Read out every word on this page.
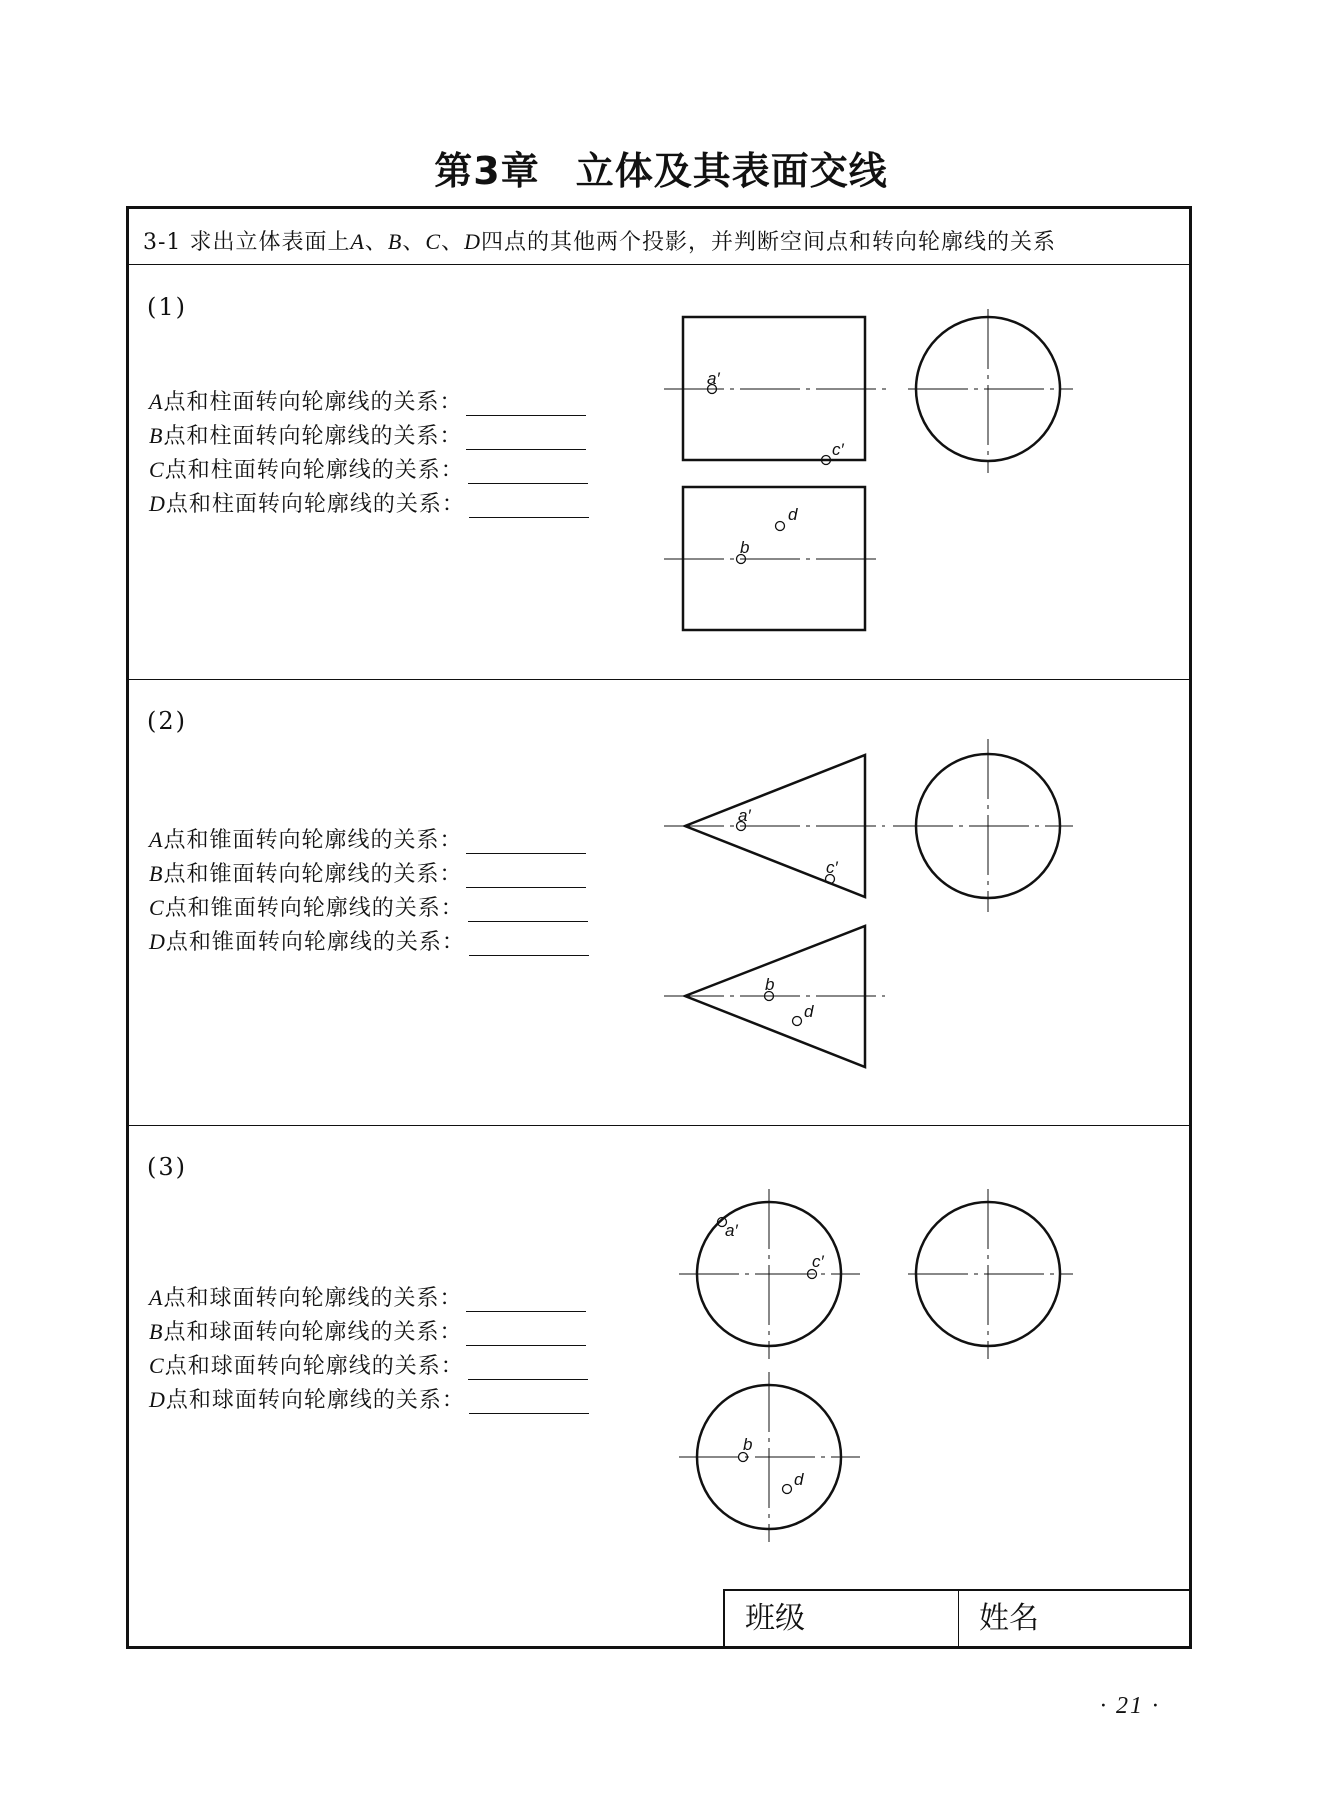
第3章 立体及其表面交线
3-1 求出立体表面上A、B、C、D四点的其他两个投影，并判断空间点和转向轮廓线的关系
(1)
A点和柱面转向轮廓线的关系：
B点和柱面转向轮廓线的关系：
C点和柱面转向轮廓线的关系：
D点和柱面转向轮廓线的关系：
(2)
A点和锥面转向轮廓线的关系：
B点和锥面转向轮廓线的关系：
C点和锥面转向轮廓线的关系：
D点和锥面转向轮廓线的关系：
(3)
A点和球面转向轮廓线的关系：
B点和球面转向轮廓线的关系：
C点和球面转向轮廓线的关系：
D点和球面转向轮廓线的关系：
a′
c′
b
d
a′
c′
b
d
a′
c′
b
d
班级	姓名
· 21 ·
